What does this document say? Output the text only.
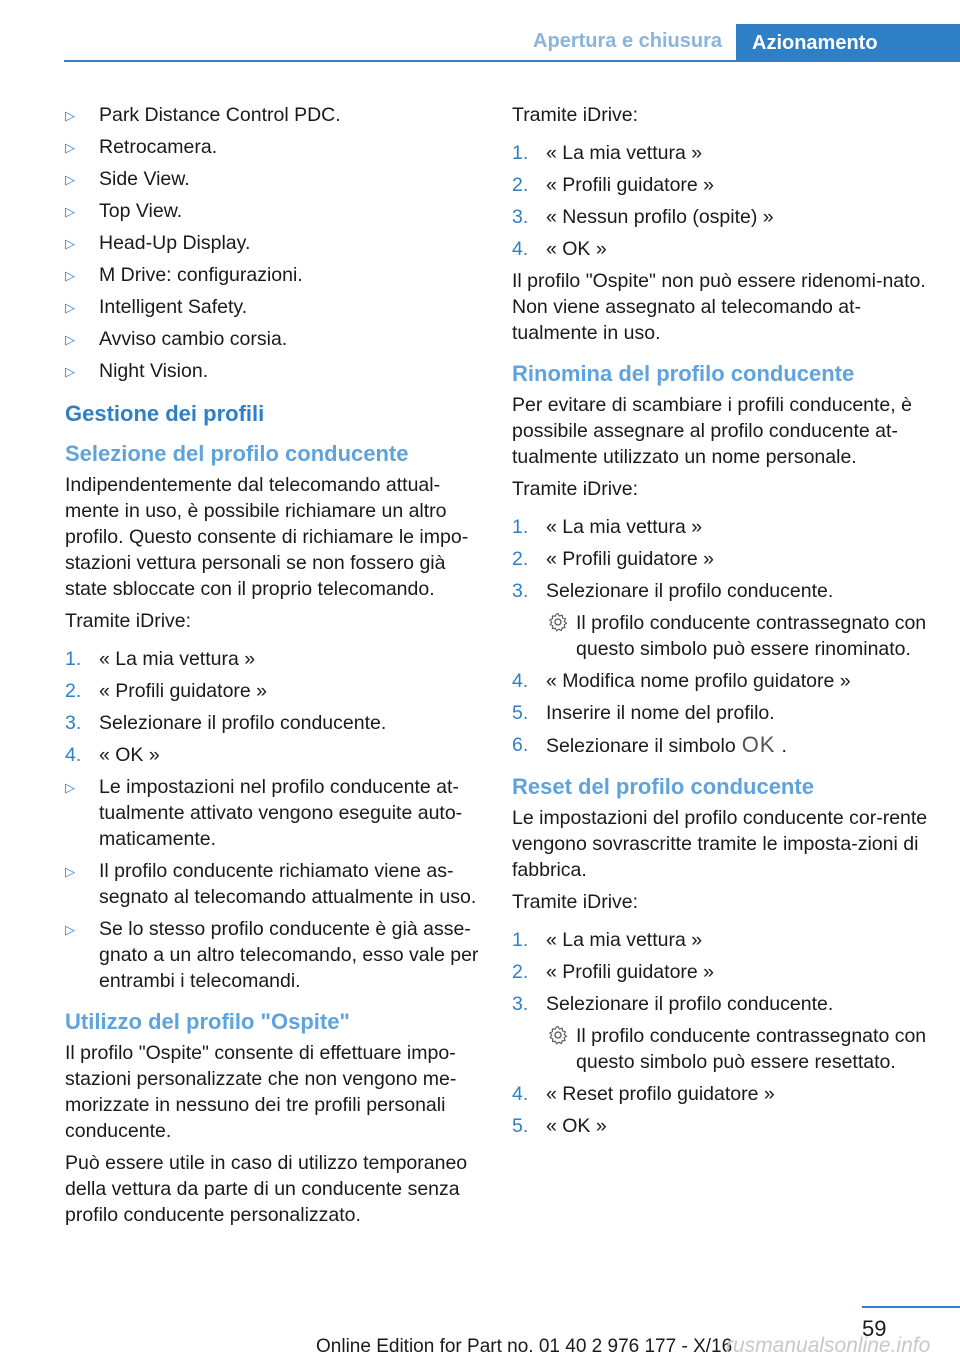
Apertura e chiusura Azionamento
▷ Park Distance Control PDC.
▷ Retrocamera.
▷ Side View.
▷ Top View.
▷ Head-Up Display.
▷ M Drive: configurazioni.
▷ Intelligent Safety.
▷ Avviso cambio corsia.
▷ Night Vision.
Gestione dei profili
Selezione del profilo conducente

Indipendentemente dal telecomando attual-mente in uso, è possibile richiamare un altro profilo. Questo consente di richiamare le impo-stazioni vettura personali se non fossero già state sbloccate con il proprio telecomando.

Tramite iDrive:

1. « La mia vettura »
2. « Profili guidatore »
3. Selezionare il profilo conducente.
4. « OK »
▷ Le impostazioni nel profilo conducente at-tualmente attivato vengono eseguite auto-maticamente.
▷ Il profilo conducente richiamato viene as-segnato al telecomando attualmente in uso.
▷ Se lo stesso profilo conducente è già asse-gnato a un altro telecomando, esso vale per entrambi i telecomandi.
Utilizzo del profilo "Ospite"

Il profilo "Ospite" consente di effettuare impo-stazioni personalizzate che non vengono me-morizzate in nessuno dei tre profili personali conducente.

Può essere utile in caso di utilizzo temporaneo della vettura da parte di un conducente senza profilo conducente personalizzato.

Tramite iDrive:

1. « La mia vettura »
2. « Profili guidatore »
3. « Nessun profilo (ospite) »
4. « OK »

Il profilo "Ospite" non può essere ridenomi-nato. Non viene assegnato al telecomando at-tualmente in uso.

Rinomina del profilo conducente

Per evitare di scambiare i profili conducente, è possibile assegnare al profilo conducente at-tualmente utilizzato un nome personale.

Tramite iDrive:

1. « La mia vettura »
2. « Profili guidatore »
3. Selezionare il profilo conducente.
Il profilo conducente contrassegnato con questo simbolo può essere rinominato.
4. « Modifica nome profilo guidatore »
5. Inserire il nome del profilo.
6. Selezionare il simbolo OK .
Reset del profilo conducente

Le impostazioni del profilo conducente cor-rente vengono sovrascritte tramite le imposta-zioni di fabbrica.

Tramite iDrive:

1. « La mia vettura »
2. « Profili guidatore »
3. Selezionare il profilo conducente.
Il profilo conducente contrassegnato con questo simbolo può essere resettato.
4. « Reset profilo guidatore »
5. « OK »
59
Online Edition for Part no. 01 40 2 976 177 - X/16
rusmanualsonline.info
